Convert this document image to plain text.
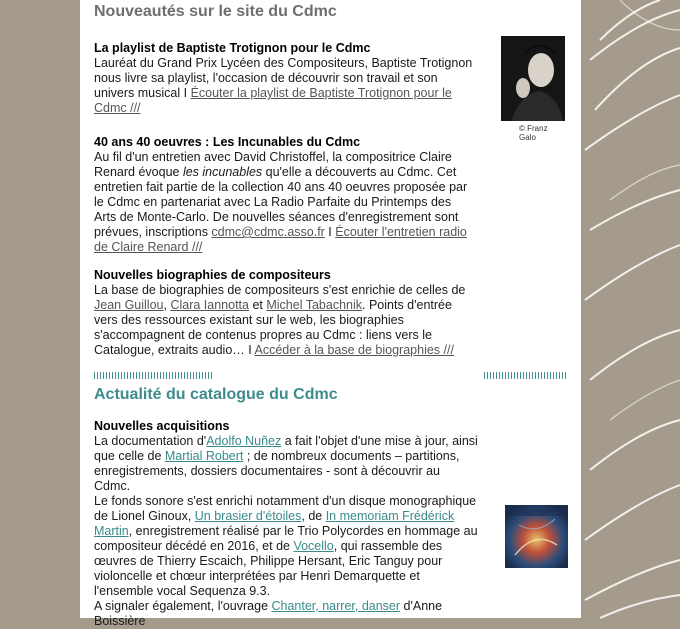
Nouveautés sur le site du Cdmc
La playlist de Baptiste Trotignon pour le Cdmc

Lauréat du Grand Prix Lycéen des Compositeurs, Baptiste Trotignon nous livre sa playlist, l'occasion de découvrir son travail et son univers musical I Écouter la playlist de Baptiste Trotignon pour le Cdmc ///

© Franz Galo
40 ans 40 oeuvres : Les Incunables du Cdmc

Au fil d'un entretien avec David Christoffel, la compositrice Claire Renard évoque les incunables qu'elle a découverts au Cdmc. Cet entretien fait partie de la collection 40 ans 40 oeuvres proposée par le Cdmc en partenariat avec La Radio Parfaite du Printemps des Arts de Monte-Carlo. De nouvelles séances d'enregistrement sont prévues, inscriptions cdmc@cdmc.asso.fr I Écouter l'entretien radio de Claire Renard ///

Nouvelles biographies de compositeurs

La base de biographies de compositeurs s'est enrichie de celles de Jean Guillou, Clara Iannotta et Michel Tabachnik. Points d'entrée vers des ressources existant sur le web, les biographies s'accompagnent de contenus propres au Cdmc : liens vers le Catalogue, extraits audio… I Accéder à la base de biographies ///

Actualité du catalogue du Cdmc
Nouvelles acquisitions

La documentation d'Adolfo Nuñez a fait l'objet d'une mise à jour, ainsi que celle de Martial Robert ; de nombreux documents – partitions, enregistrements, dossiers documentaires - sont à découvrir au Cdmc.

Le fonds sonore s'est enrichi notamment d'un disque monographique de Lionel Ginoux, Un brasier d'étoiles, de In memoriam Frédérick Martin, enregistrement réalisé par le Trio Polycordes en hommage au compositeur décédé en 2016, et de Vocello, qui rassemble des œuvres de Thierry Escaich, Philippe Hersant, Eric Tanguy pour violoncelle et chœur interprétées par Henri Demarquette et l'ensemble vocal Sequenza 9.3.

A signaler également, l'ouvrage Chanter, narrer, danser d'Anne Boissière
